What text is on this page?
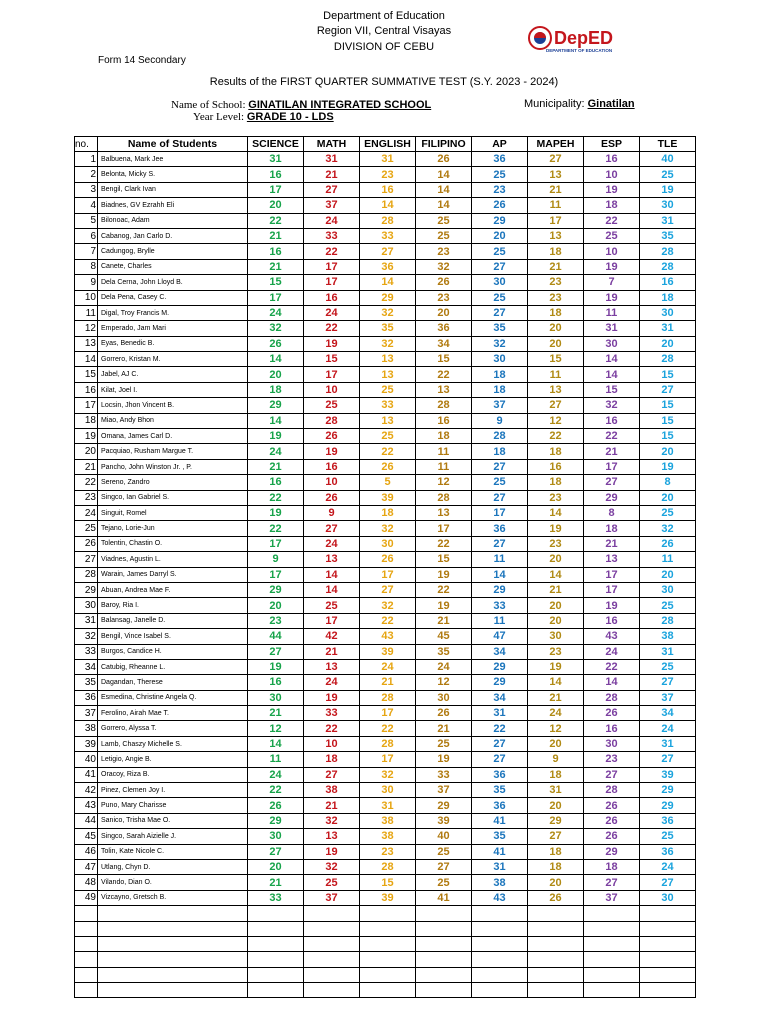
Department of Education
Region VII, Central Visayas
DIVISION OF CEBU	DepED
DEPARTMENT OF EDUCATION
Form 14 Secondary
Results of the FIRST QUARTER SUMMATIVE TEST (S.Y. 2023 - 2024)
Name of School: GINATILAN INTEGRATED SCHOOL
Year Level: GRADE 10 - LDS
Municipality: Ginatilan
no.	Name of Students	SCIENCE	MATH	ENGLISH	FILIPINO	AP	MAPEH	ESP	TLE
1	Balbuena, Mark Jee	31	31	31	26	36	27	16	40
2	Belonta, Micky S.	16	21	23	14	25	13	10	25
3	Bengil, Clark Ivan	17	27	16	14	23	21	19	19
4	Biadnes, GV Ezrahh Eli	20	37	14	14	26	11	18	30
5	Bilonoac, Adam	22	24	28	25	29	17	22	31
6	Cabanog, Jan Carlo D.	21	33	33	25	20	13	25	35
7	Cadungog, Brylle	16	22	27	23	25	18	10	28
8	Canete, Charles	21	17	36	32	27	21	19	28
9	Dela Cerna, John Lloyd B.	15	17	14	26	30	23	7	16
10	Dela Pena, Casey C.	17	16	29	23	25	23	19	18
11	Digal, Troy Francis M.	24	24	32	20	27	18	11	30
12	Emperado, Jam Mari	32	22	35	36	35	20	31	31
13	Eyas, Benedic B.	26	19	32	34	32	20	30	20
14	Gorrero, Kristan M.	14	15	13	15	30	15	14	28
15	Jabel, AJ C.	20	17	13	22	18	11	14	15
16	Kilat, Joel I.	18	10	25	13	18	13	15	27
17	Locsin, Jhon Vincent B.	29	25	33	28	37	27	32	15
18	Miao, Andy Bhon	14	28	13	16	9	12	16	15
19	Omana, James Carl D.	19	26	25	18	28	22	22	15
20	Pacquiao, Rusham Margue T.	24	19	22	11	18	18	21	20
21	Pancho, John Winston Jr. , P.	21	16	26	11	27	16	17	19
22	Sereno, Zandro	16	10	5	12	25	18	27	8
23	Singco, Ian Gabriel S.	22	26	39	28	27	23	29	20
24	Singuit, Romel	19	9	18	13	17	14	8	25
25	Tejano, Lorie-Jun	22	27	32	17	36	19	18	32
26	Tolentin, Chastin O.	17	24	30	22	27	23	21	26
27	Viadnes, Agustin L.	9	13	26	15	11	20	13	11
28	Warain, James Darryl S.	17	14	17	19	14	14	17	20
29	Abuan, Andrea Mae F.	29	14	27	22	29	21	17	30
30	Baroy, Ria I.	20	25	32	19	33	20	19	25
31	Balansag, Janelle D.	23	17	22	21	11	20	16	28
32	Bengil, Vince Isabel S.	44	42	43	45	47	30	43	38
33	Burgos, Candice H.	27	21	39	35	34	23	24	31
34	Catubig, Rheanne L.	19	13	24	24	29	19	22	25
35	Dagandan, Therese	16	24	21	12	29	14	14	27
36	Esmedina, Christine Angela Q.	30	19	28	30	34	21	28	37
37	Ferolino, Airah Mae T.	21	33	17	26	31	24	26	34
38	Gorrero, Alyssa T.	12	22	22	21	22	12	16	24
39	Lamb, Chaszy Michelle S.	14	10	28	25	27	20	30	31
40	Letigio, Angie B.	11	18	17	19	27	9	23	27
41	Oracoy, Riza B.	24	27	32	33	36	18	27	39
42	Pinez, Clemen Joy I.	22	38	30	37	35	31	28	29
43	Puno, Mary Charisse	26	21	31	29	36	20	26	29
44	Sanico, Trisha Mae O.	29	32	38	39	41	29	26	36
45	Singco, Sarah Aizielle J.	30	13	38	40	35	27	26	25
46	Tolin, Kate Nicole C.	27	19	23	25	41	18	29	36
47	Utlang, Chyn D.	20	32	28	27	31	18	18	24
48	Vilando, Dian O.	21	25	15	25	38	20	27	27
49	Vizcayno, Gretsch B.	33	37	39	41	43	26	37	30
